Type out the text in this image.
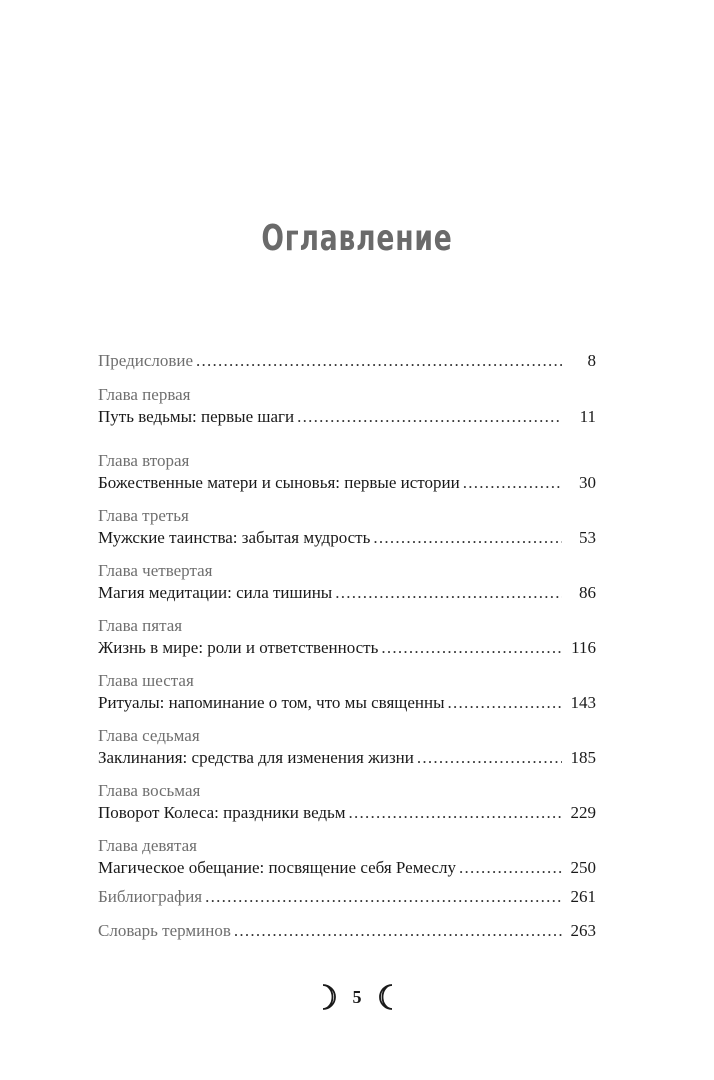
Оглавление
Предисловие . . .	8
Глава первая
Путь ведьмы: первые шаги . . .	11
Глава вторая
Божественные матери и сыновья: первые истории . . .	30
Глава третья
Мужские таинства: забытая мудрость . . .	53
Глава четвертая
Магия медитации: сила тишины . . .	86
Глава пятая
Жизнь в мире: роли и ответственность . . .	116
Глава шестая
Ритуалы: напоминание о том, что мы священны . . .	143
Глава седьмая
Заклинания: средства для изменения жизни . . .	185
Глава восьмая
Поворот Колеса: праздники ведьм . . .	229
Глава девятая
Магическое обещание: посвящение себя Ремеслу . . .	250
Библиография . . .	261
Словарь терминов . . .	263
5
